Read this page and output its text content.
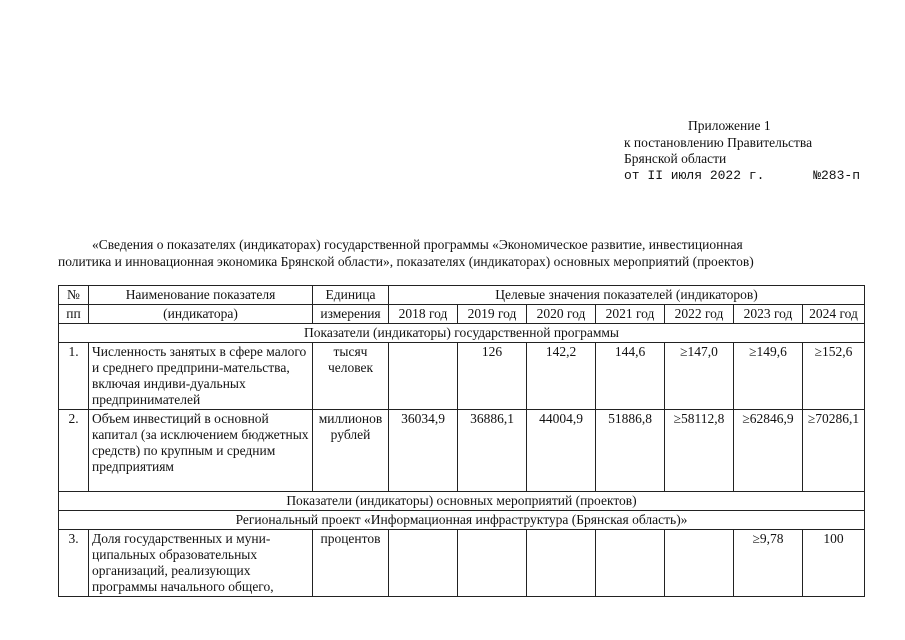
Приложение 1
к постановлению Правительства
Брянской области
от II июля 2022 г.	№283-п
«Сведения о показателях (индикаторах) государственной программы «Экономическое развитие, инвестиционная
политика и инновационная экономика Брянской области», показателях (индикаторах) основных мероприятий (проектов)
№	Наименование показателя	Единица	Целевые значения показателей (индикаторов)						
пп	(индикатора)	измерения	2018 год	2019 год	2020 год	2021 год	2022 год	2023 год	2024 год
Показатели (индикаторы) государственной программы									
1.	Численность занятых в сфере малого и среднего предприни-мательства, включая индиви-дуальных предпринимателей	тысяч человек		126	142,2	144,6	≥147,0	≥149,6	≥152,6
2.	Объем инвестиций в основной капитал (за исключением бюджетных средств) по крупным и средним предприятиям	миллионов рублей	36034,9	36886,1	44004,9	51886,8	≥58112,8	≥62846,9	≥70286,1
Показатели (индикаторы) основных мероприятий (проектов)									
Региональный проект «Информационная инфраструктура (Брянская область)»									
3.	Доля государственных и муни-ципальных образовательных организаций, реализующих программы начального общего,	процентов						≥9,78	100
